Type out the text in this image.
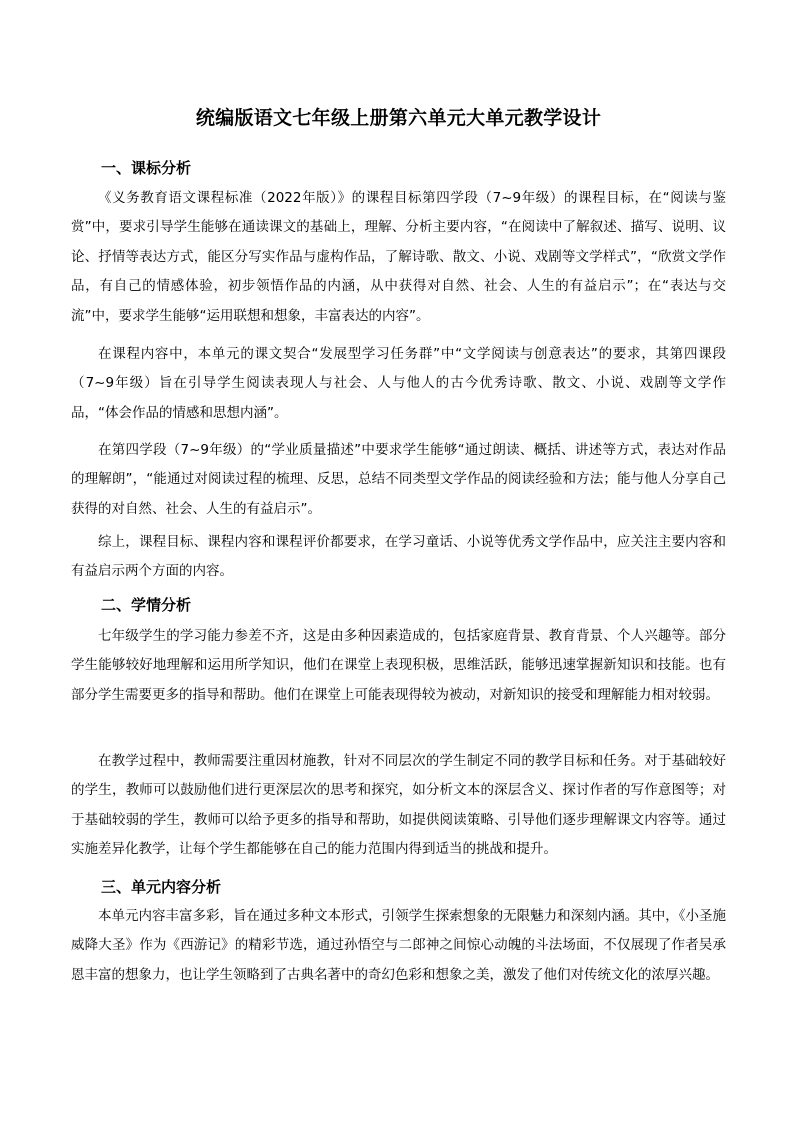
统编版语文七年级上册第六单元大单元教学设计
一、课标分析

《义务教育语文课程标准（2022年版）》的课程目标第四学段（7~9年级）的课程目标，在“阅读与鉴赏”中，要求引导学生能够在通读课文的基础上，理解、分析主要内容，“在阅读中了解叙述、描写、说明、议论、抒情等表达方式，能区分写实作品与虚构作品，了解诗歌、散文、小说、戏剧等文学样式”，“欣赏文学作品，有自己的情感体验，初步领悟作品的内涵，从中获得对自然、社会、人生的有益启示”；在“表达与交流”中，要求学生能够“运用联想和想象，丰富表达的内容”。

在课程内容中，本单元的课文契合“发展型学习任务群”中“文学阅读与创意表达”的要求，其第四课段（7~9年级）旨在引导学生阅读表现人与社会、人与他人的古今优秀诗歌、散文、小说、戏剧等文学作品，“体会作品的情感和思想内涵”。

在第四学段（7~9年级）的“学业质量描述”中要求学生能够“通过朗读、概括、讲述等方式，表达对作品的理解朗”，“能通过对阅读过程的梳理、反思，总结不同类型文学作品的阅读经验和方法；能与他人分享自己获得的对自然、社会、人生的有益启示”。

综上，课程目标、课程内容和课程评价都要求，在学习童话、小说等优秀文学作品中，应关注主要内容和有益启示两个方面的内容。

二、学情分析

七年级学生的学习能力参差不齐，这是由多种因素造成的，包括家庭背景、教育背景、个人兴趣等。部分学生能够较好地理解和运用所学知识，他们在课堂上表现积极，思维活跃，能够迅速掌握新知识和技能。也有部分学生需要更多的指导和帮助。他们在课堂上可能表现得较为被动，对新知识的接受和理解能力相对较弱。

在教学过程中，教师需要注重因材施教，针对不同层次的学生制定不同的教学目标和任务。对于基础较好的学生，教师可以鼓励他们进行更深层次的思考和探究，如分析文本的深层含义、探讨作者的写作意图等；对于基础较弱的学生，教师可以给予更多的指导和帮助，如提供阅读策略、引导他们逐步理解课文内容等。通过实施差异化教学，让每个学生都能够在自己的能力范围内得到适当的挑战和提升。

三、单元内容分析

本单元内容丰富多彩，旨在通过多种文本形式，引领学生探索想象的无限魅力和深刻内涵。其中，《小圣施威降大圣》作为《西游记》的精彩节选，通过孙悟空与二郎神之间惊心动魄的斗法场面，不仅展现了作者吴承恩丰富的想象力，也让学生领略到了古典名著中的奇幻色彩和想象之美，激发了他们对传统文化的浓厚兴趣。
